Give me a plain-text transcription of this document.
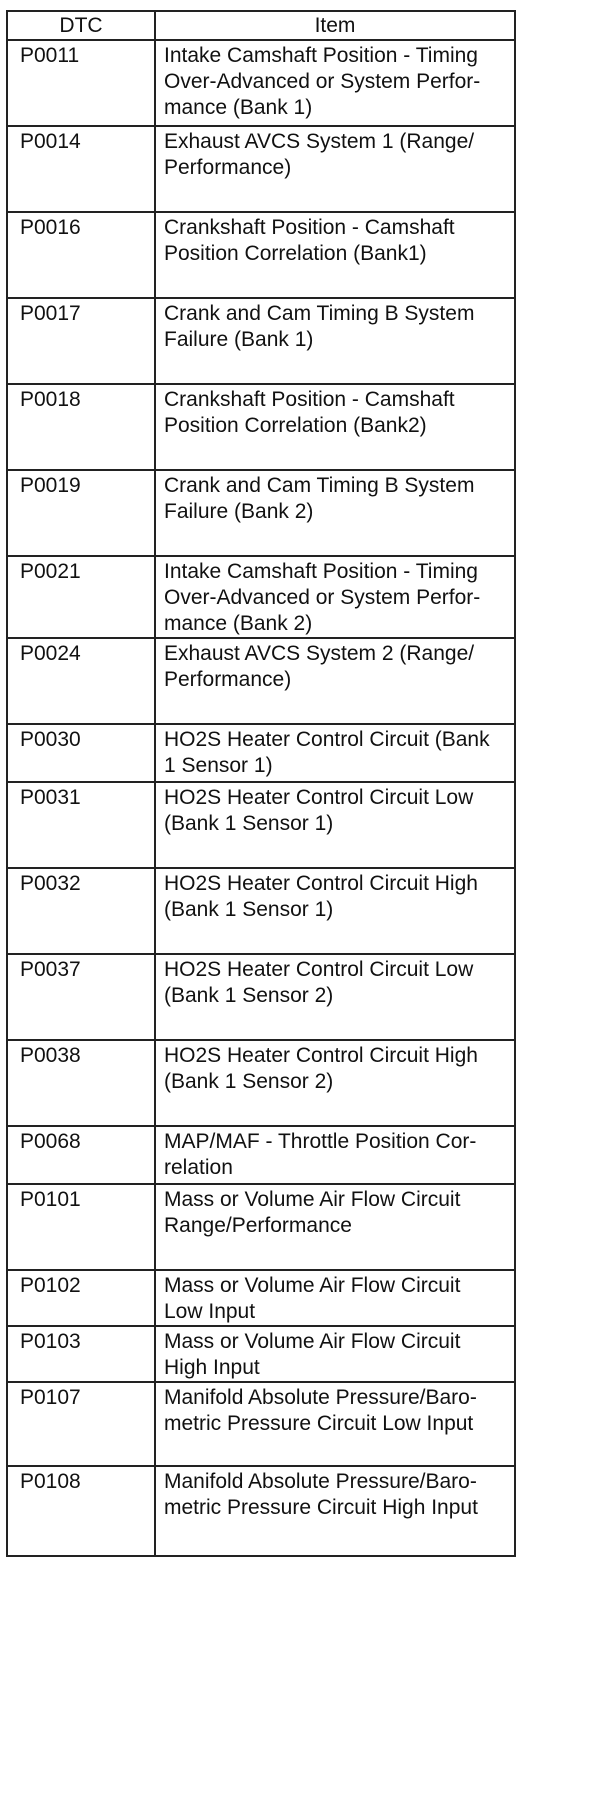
DTC	Item
P0011	Intake Camshaft Position - Timing
Over-Advanced or System Perfor-
mance (Bank 1)

P0014	Exhaust AVCS System 1 (Range/
Performance)

P0016	Crankshaft Position - Camshaft
Position Correlation (Bank1)

P0017	Crank and Cam Timing B System
Failure (Bank 1)

P0018	Crankshaft Position - Camshaft
Position Correlation (Bank2)

P0019	Crank and Cam Timing B System
Failure (Bank 2)

P0021	Intake Camshaft Position - Timing
Over-Advanced or System Perfor-
mance (Bank 2)

P0024	Exhaust AVCS System 2 (Range/
Performance)

P0030	HO2S Heater Control Circuit (Bank
1 Sensor 1)

P0031	HO2S Heater Control Circuit Low
(Bank 1 Sensor 1)

P0032	HO2S Heater Control Circuit High
(Bank 1 Sensor 1)

P0037	HO2S Heater Control Circuit Low
(Bank 1 Sensor 2)

P0038	HO2S Heater Control Circuit High
(Bank 1 Sensor 2)

P0068	MAP/MAF - Throttle Position Cor-
relation

P0101	Mass or Volume Air Flow Circuit
Range/Performance

P0102	Mass or Volume Air Flow Circuit
Low Input

P0103	Mass or Volume Air Flow Circuit
High Input

P0107	Manifold Absolute Pressure/Baro-
metric Pressure Circuit Low Input

P0108	Manifold Absolute Pressure/Baro-
metric Pressure Circuit High Input
